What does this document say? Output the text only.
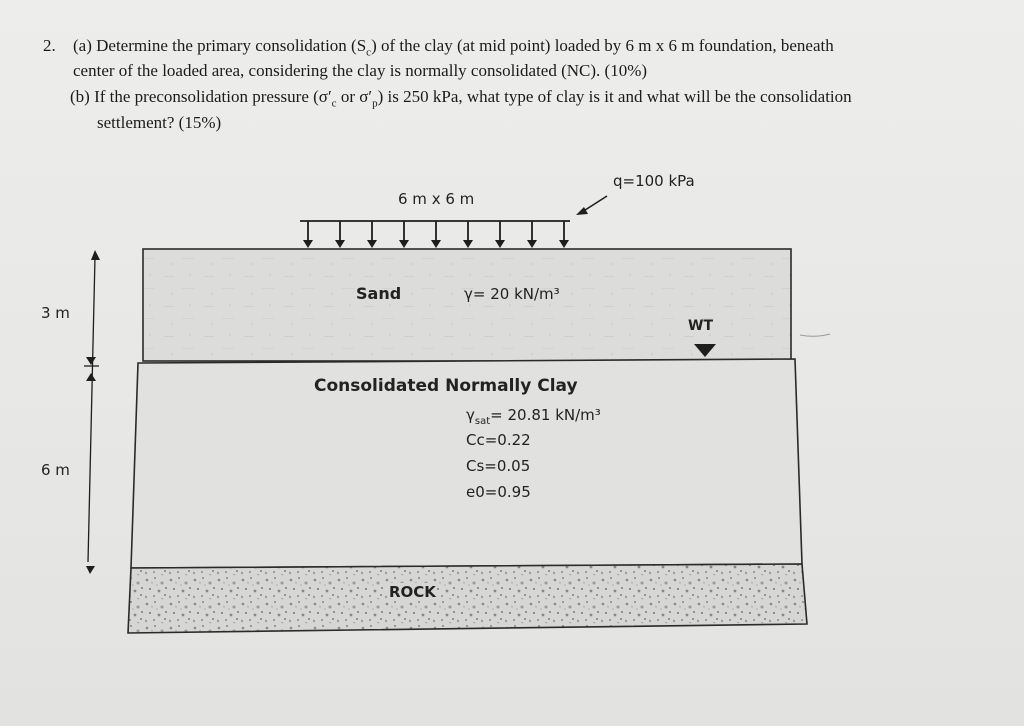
2. (a) Determine the primary consolidation $(S_c)$ of the clay (at mid point) loaded by 6 m x 6 m foundation, beneath
center of the loaded area, considering the clay is normally consolidated (NC). (10%)
(b) If the preconsolidation pressure ($\sigma'_c$ or $\sigma'_p$) is 250 kPa, what type of clay is it and what will be the consolidation
settlement? (15%)
6 m x 6 m
q=100 kPa
Sand	γ= 20 kN/m³
WT
Consolidated Normally Clay
$\gamma_{sat}= 20.81$ kN/m³
Cc=0.22
Cs=0.05
e0=0.95
ROCK
3 m
6 m
